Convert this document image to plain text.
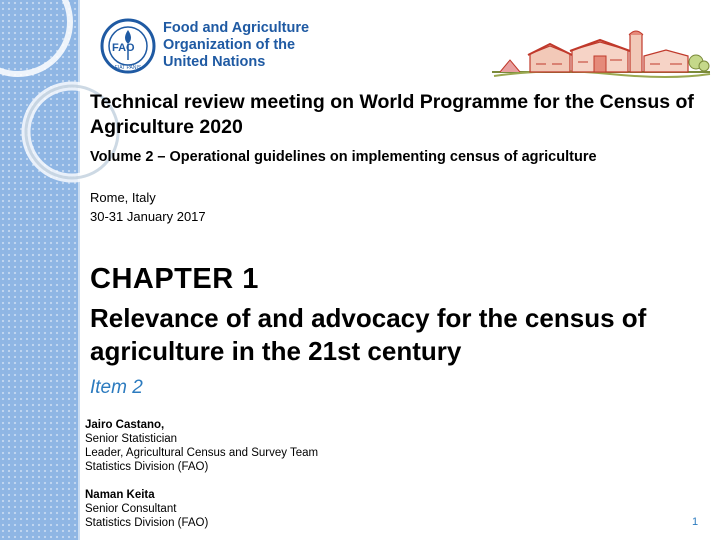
FAO
FIAT PANIS
Food and Agriculture
Organization of the
United Nations
Technical review meeting on World Programme for the Census of Agriculture 2020
Volume 2 – Operational guidelines on implementing census of agriculture
Rome, Italy
30-31 January 2017
CHAPTER 1
Relevance of and advocacy for the census of agriculture in the 21st century
Item 2
Jairo Castano,
Senior Statistician
Leader, Agricultural Census and Survey Team
Statistics Division (FAO)
Naman Keita
Senior Consultant
Statistics Division (FAO)	1
